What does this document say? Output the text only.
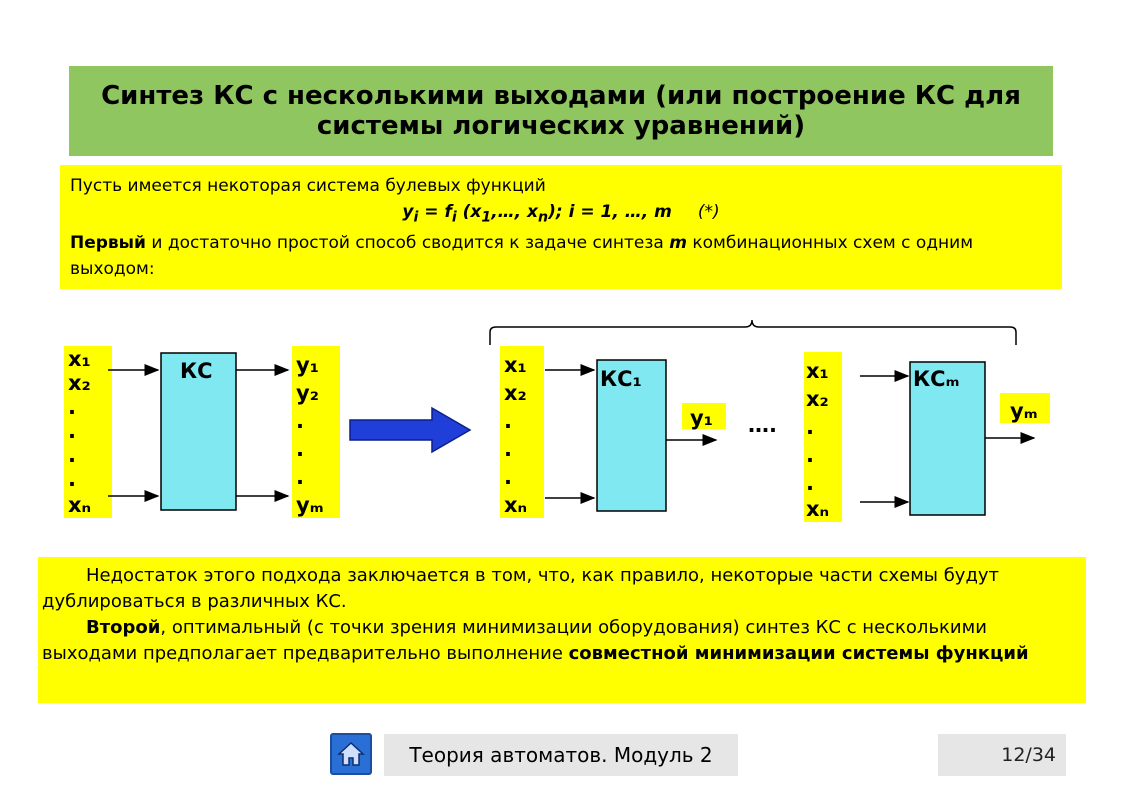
Синтез КС с несколькими выходами (или построение КС для системы логических уравнений)
Пусть имеется некоторая система булевых функций
$y_i = f_i$ ($x_1,\dots$, $x_n$); i = 1, …, m (*)
Первый и достаточно простой способ сводится к задаче синтеза m комбинационных схем с одним выходом:
x₁
x₂
.
.
.
.
xₙ
КС	y₁
y₂
.
.
.
yₘ
x₁
x₂
.
.
.
xₙ
КС₁
y₁ ….
x₁
x₂
.
.
.
xₙ
КСₘ
yₘ

Недостаток этого подхода заключается в том, что, как правило, некоторые части схемы будут дублироваться в различных КС.

Второй, оптимальный (с точки зрения минимизации оборудования) синтез КС с несколькими выходами предполагает предварительно выполнение совместной минимизации системы функций

Теория автоматов. Модуль 2	12/34
